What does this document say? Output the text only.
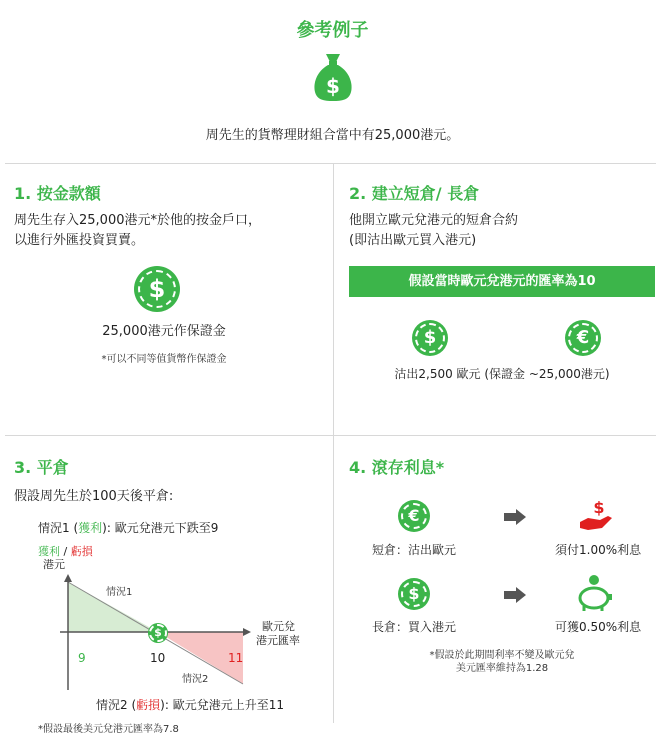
參考例子
$
周先生的貨幣理財組合當中有25,000港元。
1. 按金款額
周先生存入25,000港元*於他的按金戶口，
以進行外匯投資買賣。
$
25,000港元作保證金
*可以不同等值貨幣作保證金
2. 建立短倉/ 長倉
他開立歐元兌港元的短倉合約
(即沽出歐元買入港元)
假設當時歐元兌港元的匯率為10
$	€
沽出2,500 歐元 (保證金 ~25,000港元)
3. 平倉
假設周先生於100天後平倉:
情況1 (獲利): 歐元兌港元下跌至9
獲利 / 虧損
港元
$
情況1
情況2
9	10	11
歐元兌
港元匯率
情況2 (虧損): 歐元兌港元上升至11
*假設最後美元兌港元匯率為7.8
4. 滾存利息*
€	$
短倉：沽出歐元	須付1.00%利息
$
長倉：買入港元	可獲0.50%利息
*假設於此期間利率不變及歐元兌
美元匯率維持為1.28
